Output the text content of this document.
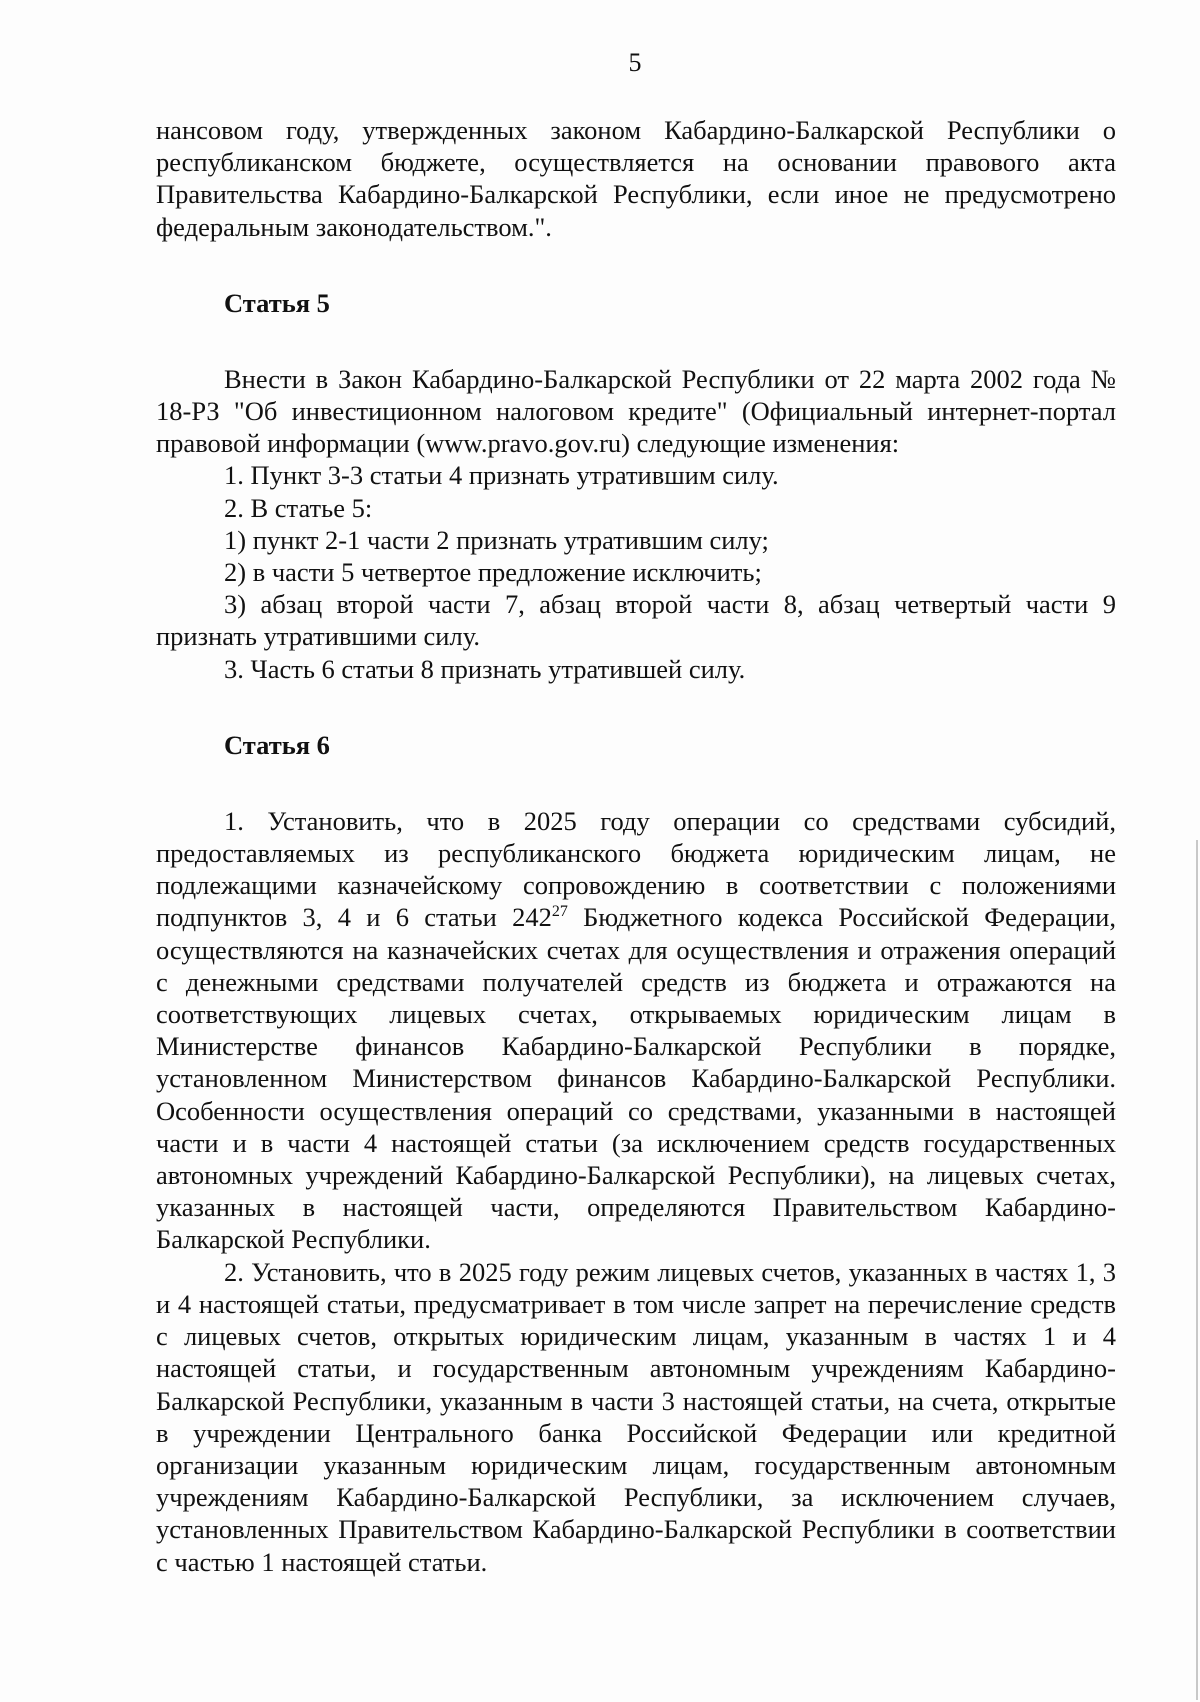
5

нансовом году, утвержденных законом Кабардино-Балкарской Республики о республиканском бюджете, осуществляется на основании правового акта Правительства Кабардино-Балкарской Республики, если иное не предусмотрено федеральным законодательством.".

Статья 5

Внести в Закон Кабардино-Балкарской Республики от 22 марта 2002 года № 18-РЗ "Об инвестиционном налоговом кредите" (Официальный интернет-портал правовой информации (www.pravo.gov.ru) следующие изменения:

1. Пункт 3-3 статьи 4 признать утратившим силу.

2. В статье 5:

1) пункт 2-1 части 2 признать утратившим силу;

2) в части 5 четвертое предложение исключить;

3) абзац второй части 7, абзац второй части 8, абзац четвертый части 9 признать утратившими силу.

3. Часть 6 статьи 8 признать утратившей силу.

Статья 6

1. Установить, что в 2025 году операции со средствами субсидий, предоставляемых из республиканского бюджета юридическим лицам, не подлежащими казначейскому сопровождению в соответствии с положениями подпунктов 3, 4 и 6 статьи $242^{27}$ Бюджетного кодекса Российской Федерации, осуществляются на казначейских счетах для осуществления и отражения операций с денежными средствами получателей средств из бюджета и отражаются на соответствующих лицевых счетах, открываемых юридическим лицам в Министерстве финансов Кабардино-Балкарской Республики в порядке, установленном Министерством финансов Кабардино-Балкарской Республики. Особенности осуществления операций со средствами, указанными в настоящей части и в части 4 настоящей статьи (за исключением средств государственных автономных учреждений Кабардино-Балкарской Республики), на лицевых счетах, указанных в настоящей части, определяются Правительством Кабардино-Балкарской Республики.

2. Установить, что в 2025 году режим лицевых счетов, указанных в частях 1, 3 и 4 настоящей статьи, предусматривает в том числе запрет на перечисление средств с лицевых счетов, открытых юридическим лицам, указанным в частях 1 и 4 настоящей статьи, и государственным автономным учреждениям Кабардино-Балкарской Республики, указанным в части 3 настоящей статьи, на счета, открытые в учреждении Центрального банка Российской Федерации или кредитной организации указанным юридическим лицам, государственным автономным учреждениям Кабардино-Балкарской Республики, за исключением случаев, установленных Правительством Кабардино-Балкарской Республики в соответствии с частью 1 настоящей статьи.
